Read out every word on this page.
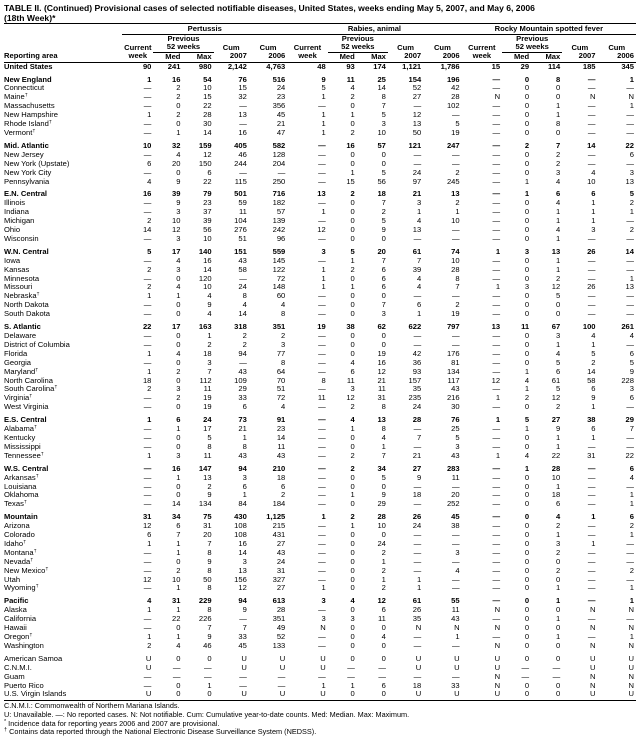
TABLE II. (Continued) Provisional cases of selected notifiable diseases, United States, weeks ending May 5, 2007, and May 6, 2006
(18th Week)*
	Pertussis					Rabies, animal					Rocky Mountain spotted fever				
		Previous					Previous					Previous			
	Current	52 weeks		Cum	Cum	Current	52 weeks		Cum	Cum	Current	52 weeks		Cum	Cum
Reporting area	week	Med	Max	2007	2006	week	Med	Max	2007	2006	week	Med	Max	2007	2006
United States	90	241	980	2,142	4,763	48	93	174	1,121	1,786	15	29	114	185	345
New England	1	16	54	76	516	9	11	25	154	196	—	0	8	—	1
Connecticut	—	2	10	15	24	5	4	14	52	42	—	0	0	—	—
Maine†	—	2	15	32	23	1	2	8	27	28	N	0	0	N	N
Massachusetts	—	0	22	—	356	—	0	7	—	102	—	0	1	—	1
New Hampshire	1	2	28	13	45	1	1	5	12	—	—	0	1	—	—
Rhode Island†	—	0	30	—	21	1	0	3	13	5	—	0	8	—	—
Vermont†	—	1	14	16	47	1	2	10	50	19	—	0	0	—	—
Mid. Atlantic	10	32	159	405	582	—	16	57	121	247	—	2	7	14	22
New Jersey	—	4	12	46	128	—	0	0	—	—	—	0	2	—	6
New York (Upstate)	6	20	150	244	204	—	0	0	—	—	—	0	2	—	—
New York City	—	0	6	—	—	—	1	5	24	2	—	0	3	4	3
Pennsylvania	4	9	22	115	250	—	15	56	97	245	—	1	4	10	13
E.N. Central	16	39	79	501	716	13	2	18	21	13	—	1	6	6	5
Illinois	—	9	23	59	182	—	0	7	3	2	—	0	4	1	2
Indiana	—	3	37	11	57	1	0	2	1	1	—	0	1	1	1
Michigan	2	10	39	104	139	—	0	5	4	10	—	0	1	1	—
Ohio	14	12	56	276	242	12	0	9	13	—	—	0	4	3	2
Wisconsin	—	3	10	51	96	—	0	0	—	—	—	0	1	—	—
W.N. Central	5	17	140	151	559	3	5	20	61	74	1	3	13	26	14
Iowa	—	4	16	43	145	—	1	7	7	10	—	0	1	—	—
Kansas	2	3	14	58	122	1	2	6	39	28	—	0	1	—	—
Minnesota	—	0	120	—	72	1	0	6	4	8	—	0	2	—	1
Missouri	2	4	10	24	148	1	1	6	4	7	1	3	12	26	13
Nebraska†	1	1	4	8	60	—	0	0	—	—	—	0	5	—	—
North Dakota	—	0	9	4	4	—	0	7	6	2	—	0	0	—	—
South Dakota	—	0	4	14	8	—	0	3	1	19	—	0	0	—	—
S. Atlantic	22	17	163	318	351	19	38	62	622	797	13	11	67	100	261
Delaware	—	0	1	2	2	—	0	0	—	—	—	0	3	4	4
District of Columbia	—	0	2	2	3	—	0	0	—	—	—	0	1	1	—
Florida	1	4	18	94	77	—	0	19	42	176	—	0	4	5	6
Georgia	—	0	3	—	8	—	4	16	36	81	—	0	5	2	5
Maryland†	1	2	7	43	64	—	6	12	93	134	—	1	6	14	9
North Carolina	18	0	112	109	70	8	11	21	157	117	12	4	61	58	228
South Carolina†	2	3	11	29	51	—	3	11	35	43	—	1	5	6	3
Virginia†	—	2	19	33	72	11	12	31	235	216	1	2	12	9	6
West Virginia	—	0	19	6	4	—	2	8	24	30	—	0	2	1	—
E.S. Central	1	6	24	73	91	—	4	13	28	76	1	5	27	38	29
Alabama†	—	1	17	21	23	—	1	8	—	25	—	1	9	6	7
Kentucky	—	0	5	1	14	—	0	4	7	5	—	0	1	1	—
Mississippi	—	0	8	8	11	—	0	1	—	3	—	0	1	—	—
Tennessee†	1	3	11	43	43	—	2	7	21	43	1	4	22	31	22
W.S. Central	—	16	147	94	210	—	2	34	27	283	—	1	28	—	6
Arkansas†	—	1	13	3	18	—	0	5	9	11	—	0	10	—	4
Louisiana	—	0	2	6	6	—	0	0	—	—	—	0	1	—	—
Oklahoma	—	0	9	1	2	—	1	9	18	20	—	0	18	—	1
Texas†	—	14	134	84	184	—	0	29	—	252	—	0	6	—	1
Mountain	31	34	75	430	1,125	1	2	28	26	45	—	0	4	1	6
Arizona	12	6	31	108	215	—	1	10	24	38	—	0	2	—	2
Colorado	6	7	20	108	431	—	0	0	—	—	—	0	1	—	1
Idaho†	1	1	7	16	27	—	0	24	—	—	—	0	3	1	—
Montana†	—	1	8	14	43	—	0	2	—	3	—	0	2	—	—
Nevada†	—	0	9	3	24	—	0	1	—	—	—	0	0	—	—
New Mexico†	—	2	8	13	31	—	0	2	—	4	—	0	2	—	2
Utah	12	10	50	156	327	—	0	1	1	—	—	0	0	—	—
Wyoming†	—	1	8	12	27	1	0	2	1	—	—	0	1	—	1
Pacific	4	31	229	94	613	3	4	12	61	55	—	0	1	—	1
Alaska	1	1	8	9	28	—	0	6	26	11	N	0	0	N	N
California	—	22	226	—	351	3	3	11	35	43	—	0	1	—	—
Hawaii	—	0	7	7	49	N	0	0	N	N	N	0	0	N	N
Oregon†	1	1	9	33	52	—	0	4	—	1	—	0	1	—	1
Washington	2	4	46	45	133	—	0	0	—	—	N	0	0	N	N
American Samoa	U	0	0	U	U	U	0	0	U	U	U	0	0	U	U
C.N.M.I.	U	—	—	U	U	U	—	—	U	U	U	—	—	U	U
Guam	—	—	—	—	—	—	—	—	—	—	N	—	—	N	N
Puerto Rico	—	0	1	—	—	1	1	6	18	33	N	0	0	N	N
U.S. Virgin Islands	U	0	0	U	U	U	0	0	U	U	U	0	0	U	U
C.N.M.I.: Commonwealth of Northern Mariana Islands.
U: Unavailable. —: No reported cases. N: Not notifiable. Cum: Cumulative year-to-date counts. Med: Median. Max: Maximum.
* Incidence data for reporting years 2006 and 2007 are provisional.
† Contains data reported through the National Electronic Disease Surveillance System (NEDSS).
